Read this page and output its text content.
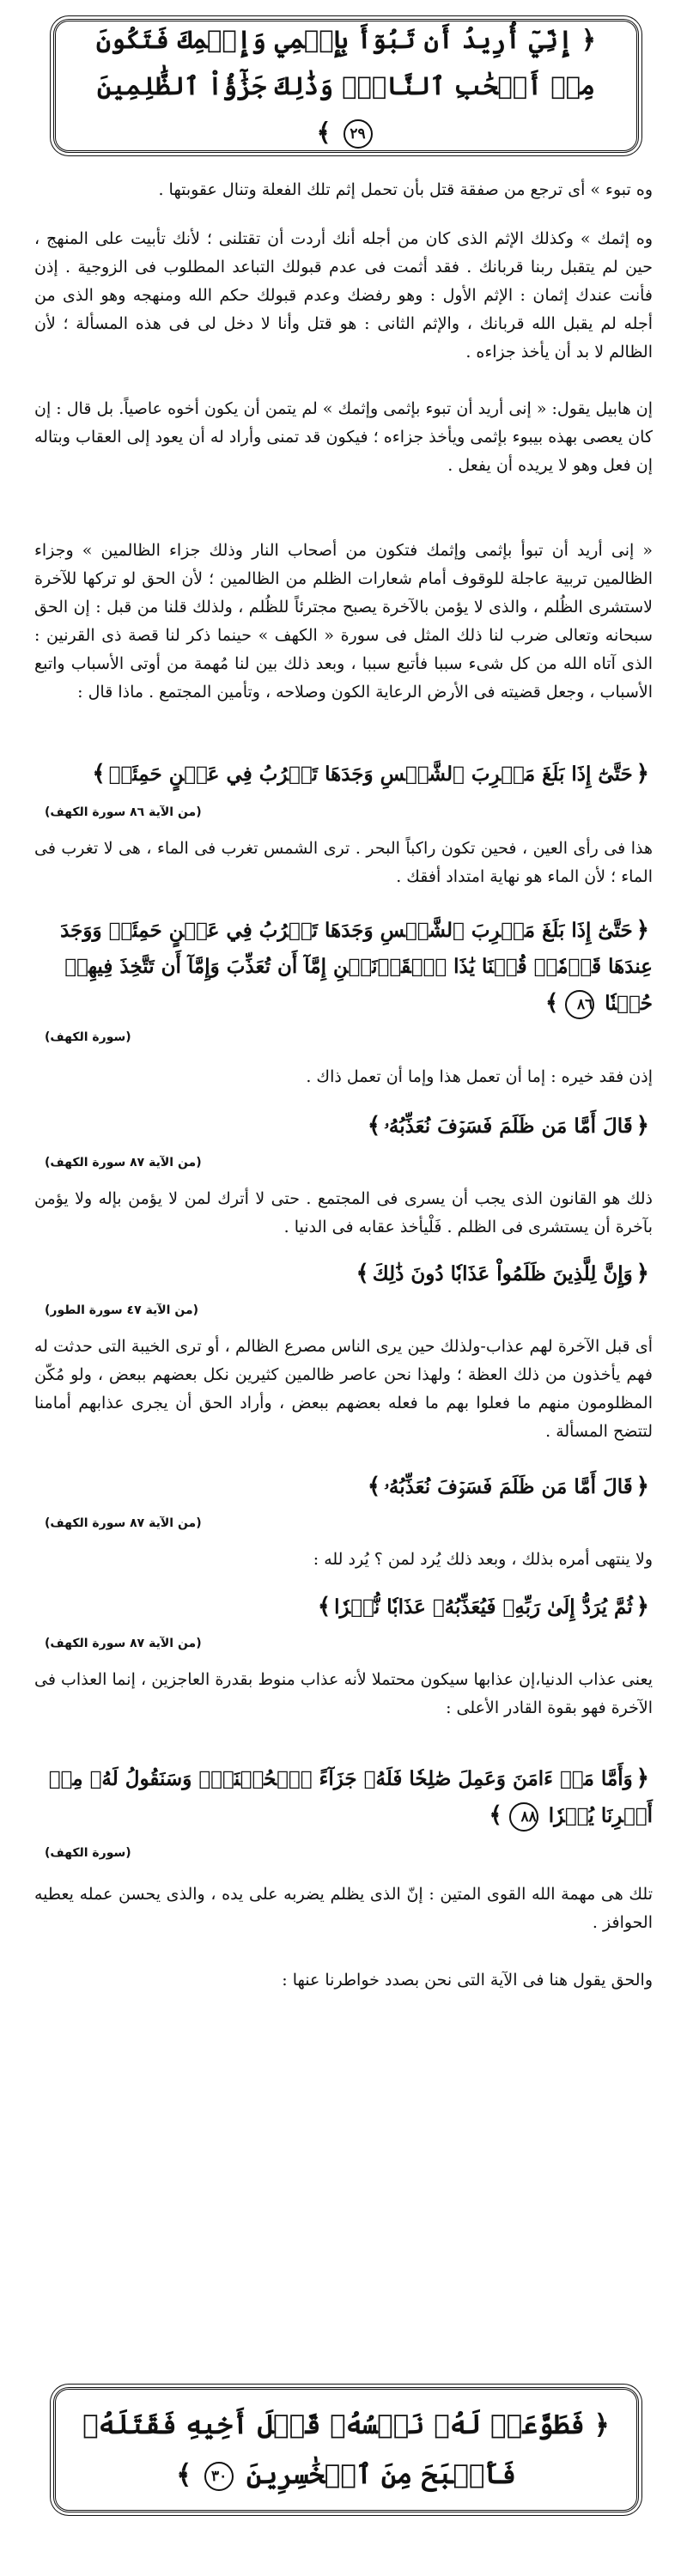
﴿ إِنِّيٓ أُرِيدُ أَن تَبُوٓأَ بِإِثۡمِي وَإِثۡمِكَ فَتَكُونَ مِنۡ أَصۡحَٰبِ ٱلنَّارِۚ وَذَٰلِكَ جَزَٰٓؤُاْ ٱلظَّٰلِمِينَ ٢٩ ﴾

وه تبوء » أى ترجع من صفقة قتل بأن تحمل إثم تلك الفعلة وتنال عقوبتها .

وه إثمك » وكذلك الإثم الذى كان من أجله أنك أردت أن تقتلنى ؛ لأنك تأبيت على المنهج ، حين لم يتقبل ربنا قربانك . فقد أثمت فى عدم قبولك التباعد المطلوب فى الزوجية . إذن فأنت عندك إثمان : الإثم الأول : وهو رفضك وعدم قبولك حكم الله ومنهجه وهو الذى من أجله لم يقبل الله قربانك ، والإثم الثانى : هو قتل وأنا لا دخل لى فى هذه المسألة ؛ لأن الظالم لا بد أن يأخذ جزاءه .

إن هابيل يقول: « إنى أريد أن تبوء بإثمى وإثمك » لم يتمن أن يكون أخوه عاصياً. بل قال : إن كان يعصى بهذه بيبوء بإثمى ويأخذ جزاءه ؛ فيكون قد تمنى وأراد له أن يعود إلى العقاب وبتاله إن فعل وهو لا يريده أن يفعل .

« إنى أريد أن تبوأ بإثمى وإثمك فتكون من أصحاب النار وذلك جزاء الظالمين » وجزاء الظالمين تربية عاجلة للوقوف أمام شعارات الظلم من الظالمين ؛ لأن الحق لو تركها للآخرة لاستشرى الظُلم ، والذى لا يؤمن بالآخرة يصبح مجترئاً للظُلم ، ولذلك قلنا من قبل : إن الحق سبحانه وتعالى ضرب لنا ذلك المثل فى سورة « الكهف » حينما ذكر لنا قصة ذى القرنين : الذى آتاه الله من كل شىء سببا فأتبع سببا ، وبعد ذلك بين لنا مُهمة من أوتى الأسباب واتبع الأسباب ، وجعل قضيته فى الأرض الرعاية الكون وصلاحه ، وتأمين المجتمع . ماذا قال :

﴿حَتَّىٰٓ إِذَا بَلَغَ مَغۡرِبَ ٱلشَّمۡسِ وَجَدَهَا تَغۡرُبُ فِي عَيۡنٍ حَمِئَةٖ﴾
(من الآية ٨٦ سورة الكهف)

هذا فى رأى العين ، فحين تكون راكباً البحر . ترى الشمس تغرب فى الماء ، هى لا تغرب فى الماء ؛ لأن الماء هو نهاية امتداد أفقك .

﴿حَتَّىٰٓ إِذَا بَلَغَ مَغۡرِبَ ٱلشَّمۡسِ وَجَدَهَا تَغۡرُبُ فِي عَيۡنٍ حَمِئَةٖ وَوَجَدَ عِندَهَا قَوۡمٗاۖ قُلۡنَا يَٰذَا ٱلۡقَرۡنَيۡنِ إِمَّآ أَن تُعَذِّبَ وَإِمَّآ أَن تَتَّخِذَ فِيهِمۡ حُسۡنٗا ٨٦﴾
(سورة الكهف)

إذن فقد خيره : إما أن تعمل هذا وإما أن تعمل ذاك .

﴿قَالَ أَمَّا مَن ظَلَمَ فَسَوۡفَ نُعَذِّبُهُۥ﴾
(من الآية ٨٧ سورة الكهف)

ذلك هو القانون الذى يجب أن يسرى فى المجتمع . حتى لا أترك لمن لا يؤمن بإله ولا يؤمن بآخرة أن يستشرى فى الظلم . فَلْيأخذ عقابه فى الدنيا .

﴿وَإِنَّ لِلَّذِينَ ظَلَمُواْ عَذَابٗا دُونَ ذَٰلِكَ﴾
(من الآية ٤٧ سورة الطور)

أى قبل الآخرة لهم عذاب-ولذلك حين يرى الناس مصرع الظالم ، أو ترى الخيبة التى حدثت له فهم يأخذون من ذلك العظة ؛ ولهذا نحن عاصر ظالمين كثيرين نكل بعضهم ببعض ، ولو مُكّن المظلومون منهم ما فعلوا بهم ما فعله بعضهم ببعض ، وأراد الحق أن يجرى عذابهم أمامنا لتتضح المسألة .

﴿قَالَ أَمَّا مَن ظَلَمَ فَسَوۡفَ نُعَذِّبُهُۥ﴾
(من الآية ٨٧ سورة الكهف)

ولا ينتهى أمره بذلك ، وبعد ذلك يُرد لمن ؟ يُرد لله :

﴿ثُمَّ يُرَدُّ إِلَىٰ رَبِّهِۦ فَيُعَذِّبُهُۥ عَذَابٗا نُّكۡرٗا﴾
(من الآية ٨٧ سورة الكهف)

يعنى عذاب الدنيا،إن عذابها سيكون محتملا لأنه عذاب منوط بقدرة العاجزين ، إنما العذاب فى الآخرة فهو بقوة القادر الأعلى :

﴿وَأَمَّا مَنۡ ءَامَنَ وَعَمِلَ صَٰلِحٗا فَلَهُۥ جَزَآءً ٱلۡحُسۡنَىٰۖ وَسَنَقُولُ لَهُۥ مِنۡ أَمۡرِنَا يُسۡرٗا ٨٨﴾
(سورة الكهف)

تلك هى مهمة الله القوى المتين : إنّ الذى يظلم يضربه على يده ، والذى يحسن عمله يعطيه الحوافز .

والحق يقول هنا فى الآية التى نحن بصدد خواطرنا عنها :

﴿ فَطَوَّعَتۡ لَهُۥ نَفۡسُهُۥ قَتۡلَ أَخِيهِ فَقَتَلَهُۥ فَأَصۡبَحَ مِنَ ٱلۡخَٰسِرِينَ ٣٠ ﴾
